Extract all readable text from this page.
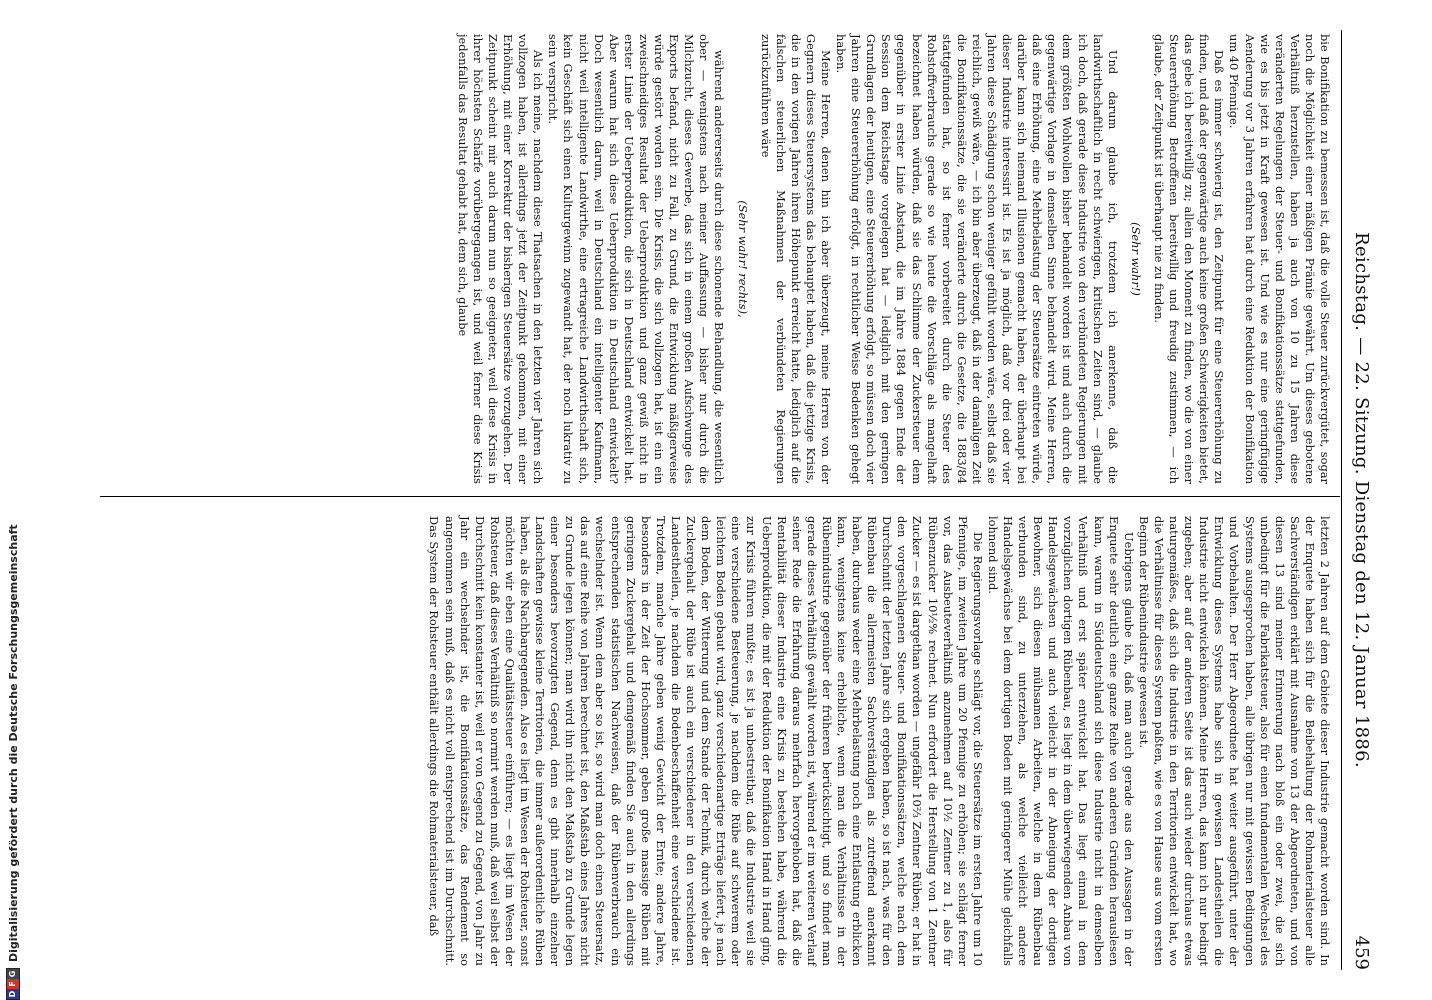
Reichstag. — 22. Sitzung. Dienstag den 12. Januar 1886.
459

bie Bonifikation zu bemessen ist, daß die volle Steuer zurückvergütet, sogar noch die Möglichkeit einer mäßigen Prämie gewährt. Um dieses gebotene Verhältniß herzustellen, haben ja auch von 10 zu 15 Jahren diese veränderten Regelungen der Steuer- und Bonifikationssätze stattgefunden, wie es bis jetzt in Kraft gewesen ist. Und wie es nur eine geringfügige Aenderung vor 3 Jahren erfahren hat durch eine Reduktion der Bonifikation um 40 Pfennige.

Daß es immer schwierig ist, den Zeitpunkt für eine Steuererhöhung zu finden, und daß der gegenwärtige auch keine großen Schwierigkeiten bietet, das gebe ich bereitwillig zu; allein den Moment zu finden, wo die von einer Steuererhöhung Betroffenen bereitwillig und freudig zustimmen, — ich glaube, der Zeitpunkt ist überhaupt nie zu finden.

(Sehr wahr!)

Und darum glaube ich, trotzdem ich anerkenne, daß die landwirthschaftlich in recht schwierigen, kritischen Zeiten sind, — glaube ich doch, daß gerade diese Industrie von den verbündeten Regierungen mit dem größten Wohlwollen bisher behandelt worden ist und auch durch die gegenwärtige Vorlage in demselben Sinne behandelt wird. Meine Herren, daß eine Erhöhung, eine Mehrbelastung der Steuersätze eintreten würde, darüber kann sich niemand Illusionen gemacht haben, der überhaupt bei dieser Industrie interessirt ist. Es ist ja möglich, daß vor drei oder vier Jahren diese Schädigung schon weniger gefühlt worden wäre, selbst daß sie reichlich, gewiß wäre, — ich bin aber überzeugt, daß in der damaligen Zeit die Bonifikationssätze, die sie veränderte durch die Gesetze, die 1883/84 stattgefunden hat, so ist ferner vorbereitet durch die Steuer des Rohstoffverbrauchs gerade so wie heute die Vorschläge als mangelhaft bezeichnet haben würden, daß sie das Schlimme der Zuckersteuer dem gegenüber in erster Linie Abstand, die im Jahre 1884 gegen Ende der Session dem Reichstage vorgelegen hat — lediglich mit den geringen Grundlagen der heutigen, eine Steuererhöhung erfolgt, so müssen doch vier Jahren eine Steuererhöhung erfolgt, in rechtlicher Weise Bedenken gehegt haben.

Meine Herren, denen hin ich aber überzeugt, meine Herren von der Gegnern dieses Steuersystems das behauptet haben, daß die jetzige Krisis, die in den vorigen Jahren ihren Höhepunkt erreicht hatte, lediglich auf die falschen steuerlichen Maßnahmen der verbündeten Regierungen zurückzuführen wäre

(Sehr wahr! rechts),

während andererseits durch diese schonende Behandlung, die wesentlich ober — wenigstens nach meiner Auffassung — bisher nur durch die Milchzucht, dieses Gewerbe, das sich in einem großen Aufschwunge des Exports befand, nicht zu Fall, zu Grund, die Entwicklung mäßigerweise würde gestört worden sein. Die Krisis, die sich vollzogen hat, ist ein ein zweischneidiges Resultat der Ueberproduktion und ganz gewiß nicht in erster Linie der Ueberproduktion, die sich in Deutschland entwickelt hat. Aber warum hat sich diese Ueberproduktion in Deutschland entwickelt? Doch wesentlich darum, weil in Deutschland ein intelligenter Kaufmann, nicht weil intelligente Landwirthe, eine ertragreiche Landwirthschaft sich, kein Geschäft sich einen Kulturgewinn zugewandt hat, der noch lukrativ zu sein verspricht.

Als ich meine, nachdem diese Thatsachen in den letzten vier Jahren sich vollzogen haben, ist allerdings jetzt der Zeitpunkt gekommen, mit einer Erhöhung, mit einer Korrektur der bisherigen Steuersätze vorzugehen. Der Zeitpunkt scheint mir auch darum nun so geeigneter, weil diese Krisis in ihrer höchsten Schärfe vorübergegangen ist, und weil ferner diese Krisis jedenfalls das Resultat gehabt hat, dem sich, glaube

letzten 2 Jahren auf dem Gebiete dieser Industrie gemacht worden sind. In der Enquete haben sich für die Beibehaltung der Rohmaterialsteuer alle Sachverständigen erklärt mit Ausnahme von 13 der Abgeordneten, und von diesen 13 sind meiner Erinnerung nach bloß ein oder zwei, die sich unbedingt für die Fabrikatsteuer, also für einen fundamentalen Wechsel des Systems ausgesprochen haben, alle übrigen nur mit gewissen Bedingungen und Vorbehalten. Der Herr Abgeordnete hat weiter ausgeführt, unter der Entwicklung dieses Systems habe sich in gewissen Landestheilen die Industrie nicht entwickeln können. Meine Herren, das kann ich nur bedingt zugeben; aber auf der anderen Seite ist das auch wieder durchaus etwas naturgemäßes, daß sich die Industrie in den Territorien entwickelt hat, wo die Verhältnisse für dieses System paßten, wie es von Hause aus vom ersten Beginn der Rübenindustrie gewesen ist.

Uebrigens glaube ich, daß man auch gerade aus den Aussagen in der Enquete sehr deutlich eine ganze Reihe von anderen Gründen herauslesen kann, warum in Süddeutschland sich diese Industrie nicht in demselben Verhältniß und erst später entwickelt hat. Das liegt einmal in dem vorzüglichen dortigen Rübenbau, es liegt in dem überwiegenden Anbau von Handelsgewächsen und auch vielleicht in der Abneigung der dortigen Bewohner, sich diesen mühsamen Arbeiten, welche in dem Rübenbau verbunden sind, zu unterziehen, als welche vielleicht andere Handelsgewächse bei dem dortigen Boden mit geringerer Mühe gleichfalls lohnend sind.

Die Regierungsvorlage schlägt vor, die Steuersätze im ersten Jahre um 10 Pfennige, im zweiten Jahre um 20 Pfennige zu erhöhen; sie schlägt ferner vor, das Ausbeuteverhältniß anzunehmen auf 10½ Zentner zu 1, also für Rübenzucker 10½% rechnet. Nun erfordert die Herstellung von 1 Zentner Zucker — es ist dargethan worden — ungefähr 10⅔ Zentner Rüben; er hat in den vorgeschlagenen Steuer- und Bonifikationssätzen, welche nach dem Durchschnitt der letzten Jahre sich ergeben haben, so ist nach, was für den Rübenbau die allermeisten Sachverständigen als zutreffend anerkannt haben, durchaus weder eine Mehrbelastung noch eine Entlastung erblicken kann, wenigstens keine erhebliche, wenn man die Verhältnisse in der Rübenindustrie gegenüber der früheren berücksichtigt, und so findet man gerade dieses Verhältniß gewählt worden ist, während er im weiteren Verlauf seiner Rede die Erfahrung daraus mehrfach hervorgehoben hat, daß die Rentabilität dieser Industrie eine Krisis zu bestehen habe, während die Ueberproduktion, die mit der Reduktion der Bonifikation Hand in Hand ging, zur Krisis führen mußte; es ist ja unbestreitbar, daß die Industrie weil sie eine verschiedene Besteuerung, je nachdem die Rübe auf schwerem oder leichtem Boden gebaut wird, ganz verschiedenartige Erträge liefert, je nach dem Boden, der Witterung und dem Stande der Technik, durch welche der Zuckergehalt der Rübe ist auch ein verschiedener in den verschiedenen Landestheilen, je nachdem die Bodenbeschaffenheit eine verschiedene ist. Trotzdem, manche Jahre geben wenig Gewicht der Ernte; andere Jahre, besonders in der Zeit der Hochsommer, geben große massige Rüben mit geringem Zuckergehalt und demgemäß finden Sie auch in den allerdings entsprechenden statistischen Nachweisen, daß der Rübenverbrauch ein wechselnder ist. Wenn dem aber so ist, so wird man doch einen Steuersatz, das auf eine Reihe von Jahren berechnet ist, den Maßstab eines Jahres nicht zu Grunde legen können; man wird ihn nicht den Maßstab zu Grunde legen einer besonders bevorzugten Gegend, denn es gibt innerhalb einzelner Landschaften gewisse kleine Territorien, die immer außerordentliche Rüben haben, als die Nachbargegenden. Also es liegt im Wesen der Rohsteuer, sonst möchten wir eben eine Qualitätssteuer einführen; — es liegt im Wesen der Rohsteuer, daß dieses Verhältniß so normirt werden muß, daß weil selbst der Durchschnitt kein konstanter ist, weil er von Gegend zu Gegend, von Jahr zu Jahr ein wechselnder ist, die Bonifikationssätze, das Rendement so angenommen sein muß, daß es nicht voll entsprechend ist im Durchschnitt. Das System der Rohsteuer enthält allerdings die Rohmaterialsteuer, daß

D
F
G
Digitalisierung gefördert durch die Deutsche Forschungsgemeinschaft
